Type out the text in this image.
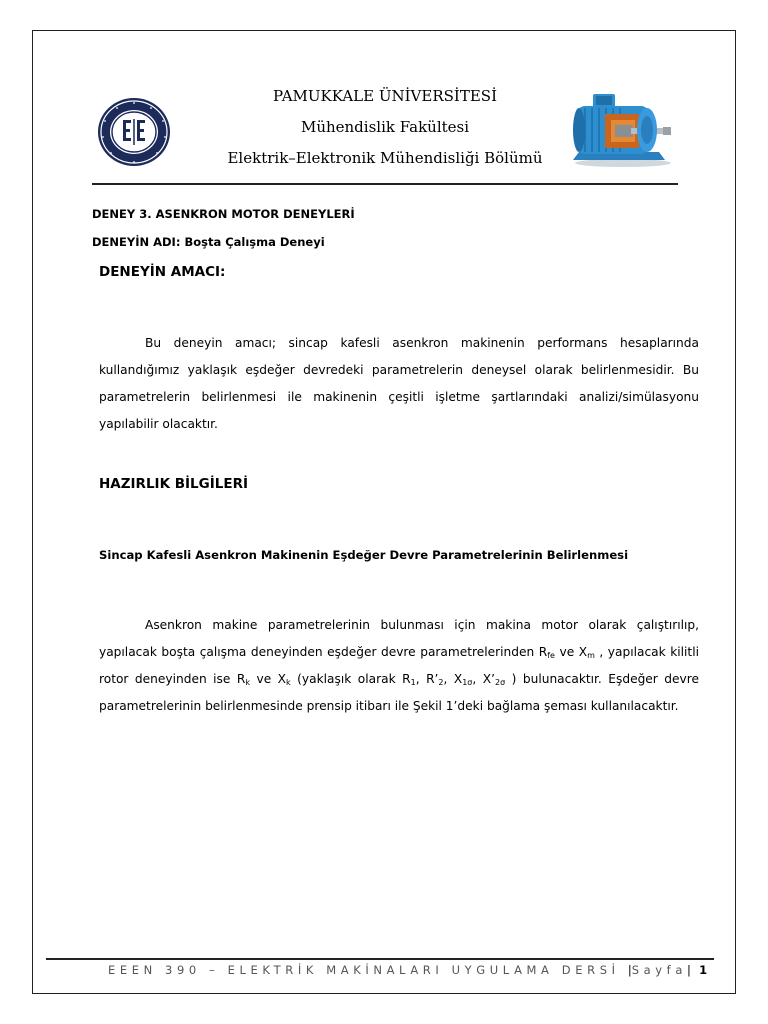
PAMUKKALE ÜNİVERSİTESİ
Mühendislik Fakültesi
Elektrik–Elektronik Mühendisliği Bölümü
DENEY 3. ASENKRON MOTOR DENEYLERİ
DENEYİN ADI: Boşta Çalışma Deneyi
DENEYİN AMACI:
Bu deneyin amacı; sincap kafesli asenkron makinenin performans hesaplarında kullandığımız yaklaşık eşdeğer devredeki parametrelerin deneysel olarak belirlenmesidir. Bu parametrelerin belirlenmesi ile makinenin çeşitli işletme şartlarındaki analizi/simülasyonu yapılabilir olacaktır.
HAZIRLIK BİLGİLERİ
Sincap Kafesli Asenkron Makinenin Eşdeğer Devre Parametrelerinin Belirlenmesi
Asenkron makine parametrelerinin bulunması için makina motor olarak çalıştırılıp, yapılacak boşta çalışma deneyinden eşdeğer devre parametrelerinden $R_{fe}$ ve $X_m$ , yapılacak kilitli rotor deneyinden ise $R_k$ ve $X_k$ (yaklaşık olarak $R_1$, $R’_2$, $X_{1\sigma}$, $X’_{2\sigma}$ ) bulunacaktır. Eşdeğer devre parametrelerinin belirlenmesinde prensip itibarı ile Şekil 1’deki bağlama şeması kullanılacaktır.
EEEN 390 – ELEKTRİK MAKİNALARI UYGULAMA DERSİ |Sayfa| 1
